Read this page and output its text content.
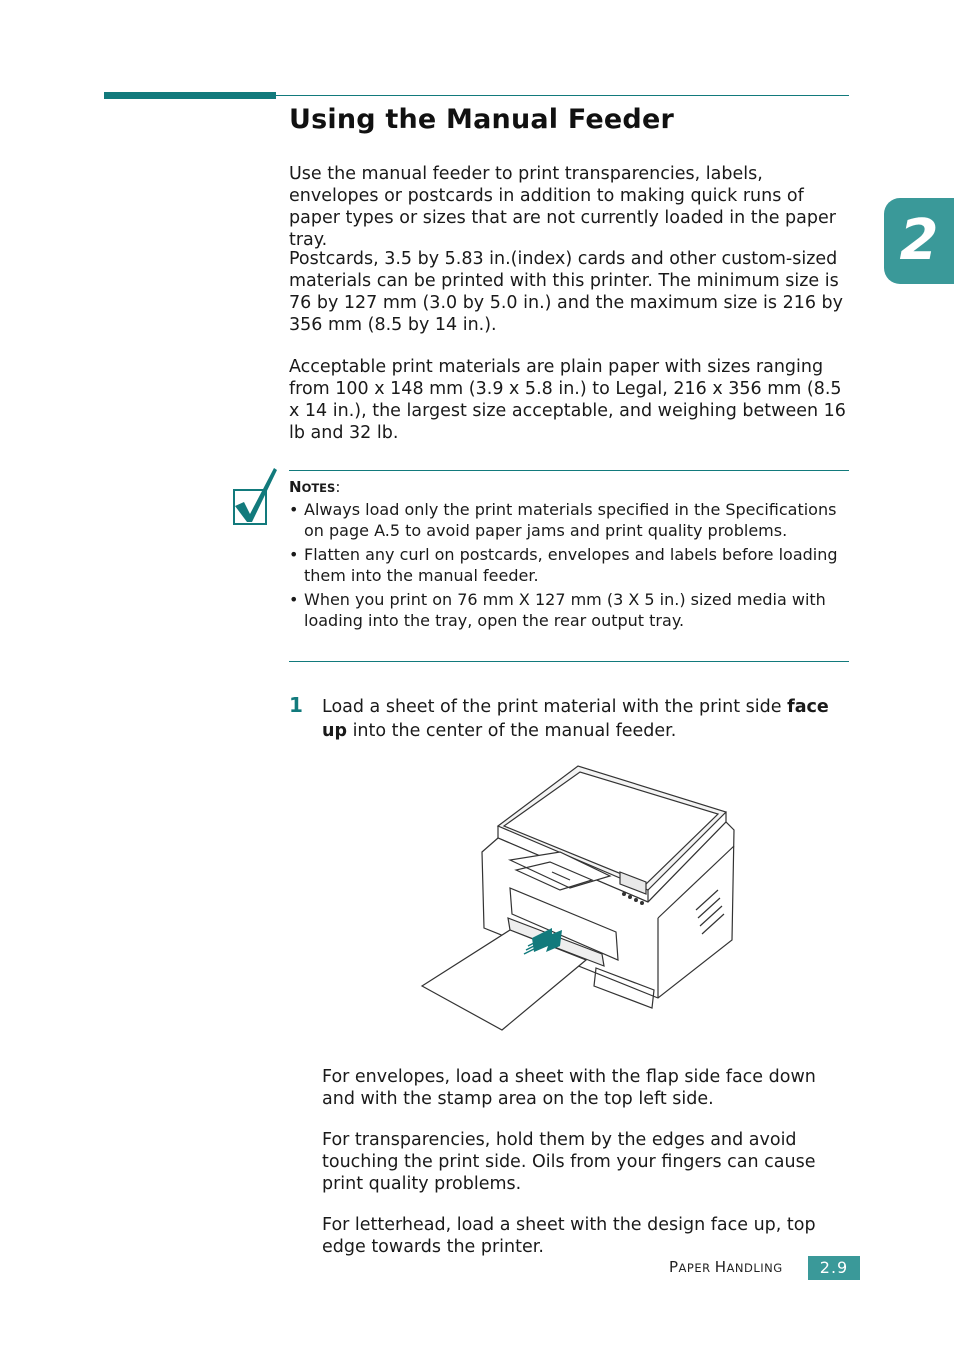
Using the Manual Feeder
2

Use the manual feeder to print transparencies, labels, envelopes or postcards in addition to making quick runs of paper types or sizes that are not currently loaded in the paper tray.

Postcards, 3.5 by 5.83 in.(index) cards and other custom-sized materials can be printed with this printer. The minimum size is 76 by 127 mm (3.0 by 5.0 in.) and the maximum size is 216 by 356 mm (8.5 by 14 in.).

Acceptable print materials are plain paper with sizes ranging from 100 x 148 mm (3.9 x 5.8 in.) to Legal, 216 x 356 mm (8.5 x 14 in.), the largest size acceptable, and weighing between 16 lb and 32 lb.

NOTES:
• Always load only the print materials specified in the Specifications on page A.5 to avoid paper jams and print quality problems.
• Flatten any curl on postcards, envelopes and labels before loading them into the manual feeder.
• When you print on 76 mm X 127 mm (3 X 5 in.) sized media with loading into the tray, open the rear output tray.
1 Load a sheet of the print material with the print side face up into the center of the manual feeder.

For envelopes, load a sheet with the flap side face down and with the stamp area on the top left side.

For transparencies, hold them by the edges and avoid touching the print side. Oils from your fingers can cause print quality problems.

For letterhead, load a sheet with the design face up, top edge towards the printer.

PAPER HANDLING	2.9
